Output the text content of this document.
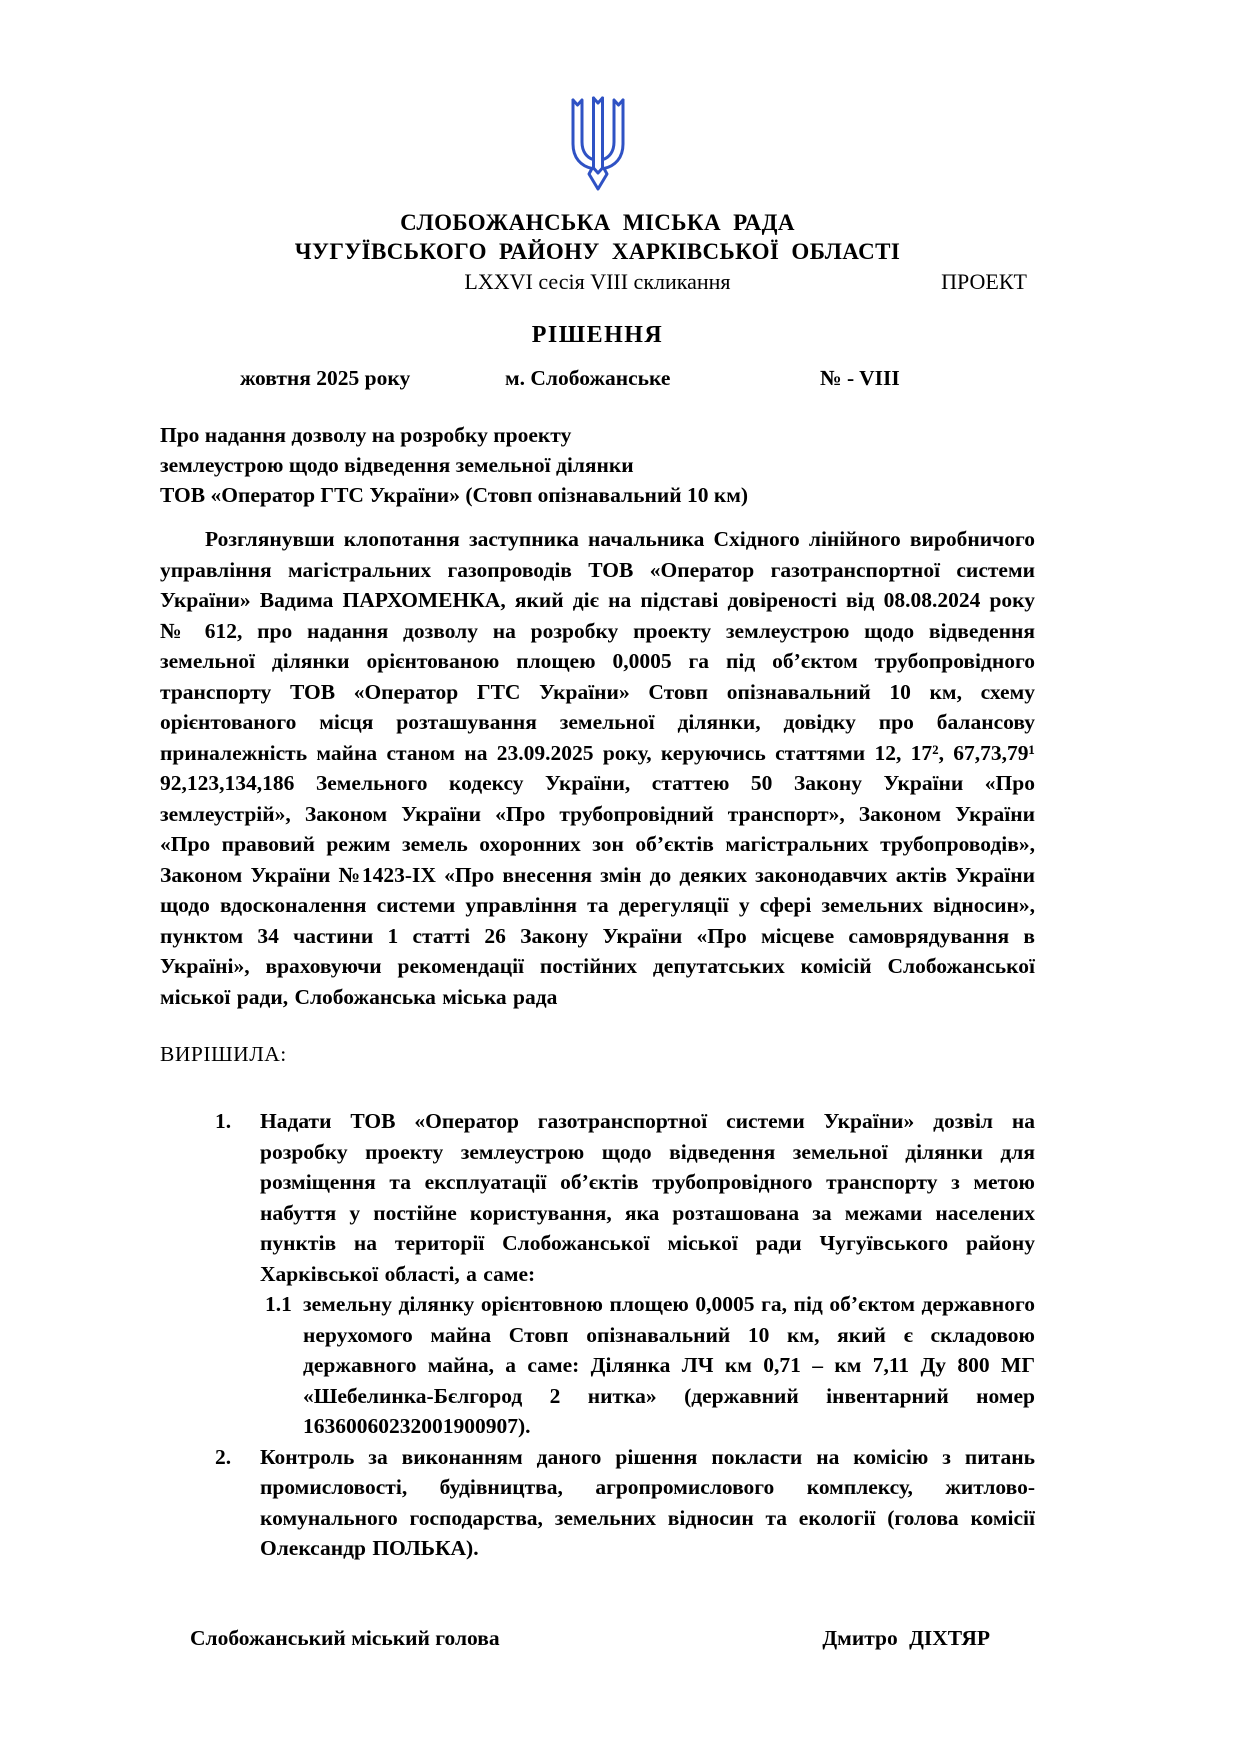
СЛОБОЖАНСЬКА МІСЬКА РАДА
ЧУГУЇВСЬКОГО РАЙОНУ ХАРКІВСЬКОЇ ОБЛАСТІ
LXXVI сесія VIII скликання	ПРОЕКТ
РІШЕННЯ
жовтня 2025 року	м. Слобожанське	№ - VIII
Про надання дозволу на розробку проекту
землеустрою щодо відведення земельної ділянки
ТОВ «Оператор ГТС України» (Стовп опізнавальний 10 км)
Розглянувши клопотання заступника начальника Східного лінійного виробничого управління магістральних газопроводів ТОВ «Оператор газотранспортної системи України» Вадима ПАРХОМЕНКА, який діє на підставі довіреності від 08.08.2024 року № 612, про надання дозволу на розробку проекту землеустрою щодо відведення земельної ділянки орієнтованою площею 0,0005 га під об’єктом трубопровідного транспорту ТОВ «Оператор ГТС України» Стовп опізнавальний 10 км, схему орієнтованого місця розташування земельної ділянки, довідку про балансову приналежність майна станом на 23.09.2025 року, керуючись статтями 12, 17², 67,73,79¹ 92,123,134,186 Земельного кодексу України, статтею 50 Закону України «Про землеустрій», Законом України «Про трубопровідний транспорт», Законом України «Про правовий режим земель охоронних зон об’єктів магістральних трубопроводів», Законом України №1423-ІХ «Про внесення змін до деяких законодавчих актів України щодо вдосконалення системи управління та дерегуляції у сфері земельних відносин», пунктом 34 частини 1 статті 26 Закону України «Про місцеве самоврядування в Україні», враховуючи рекомендації постійних депутатських комісій Слобожанської міської ради, Слобожанська міська рада
ВИРІШИЛА:
1.	Надати ТОВ «Оператор газотранспортної системи України» дозвіл на розробку проекту землеустрою щодо відведення земельної ділянки для розміщення та експлуатації об’єктів трубопровідного транспорту з метою набуття у постійне користування, яка розташована за межами населених пунктів на території Слобожанської міської ради Чугуївського району Харківської області, а саме:
1.1 земельну ділянку орієнтовною площею 0,0005 га, під об’єктом державного нерухомого майна Стовп опізнавальний 10 км, який є складовою державного майна, а саме: Ділянка ЛЧ км 0,71 – км 7,11 Ду 800 МГ «Шебелинка-Бєлгород 2 нитка» (державний інвентарний номер 16360060232001900907).
2.	Контроль за виконанням даного рішення покласти на комісію з питань промисловості, будівництва, агропромислового комплексу, житлово-комунального господарства, земельних відносин та екології (голова комісії Олександр ПОЛЬКА).
Слобожанський міський голова	Дмитро ДІХТЯР
